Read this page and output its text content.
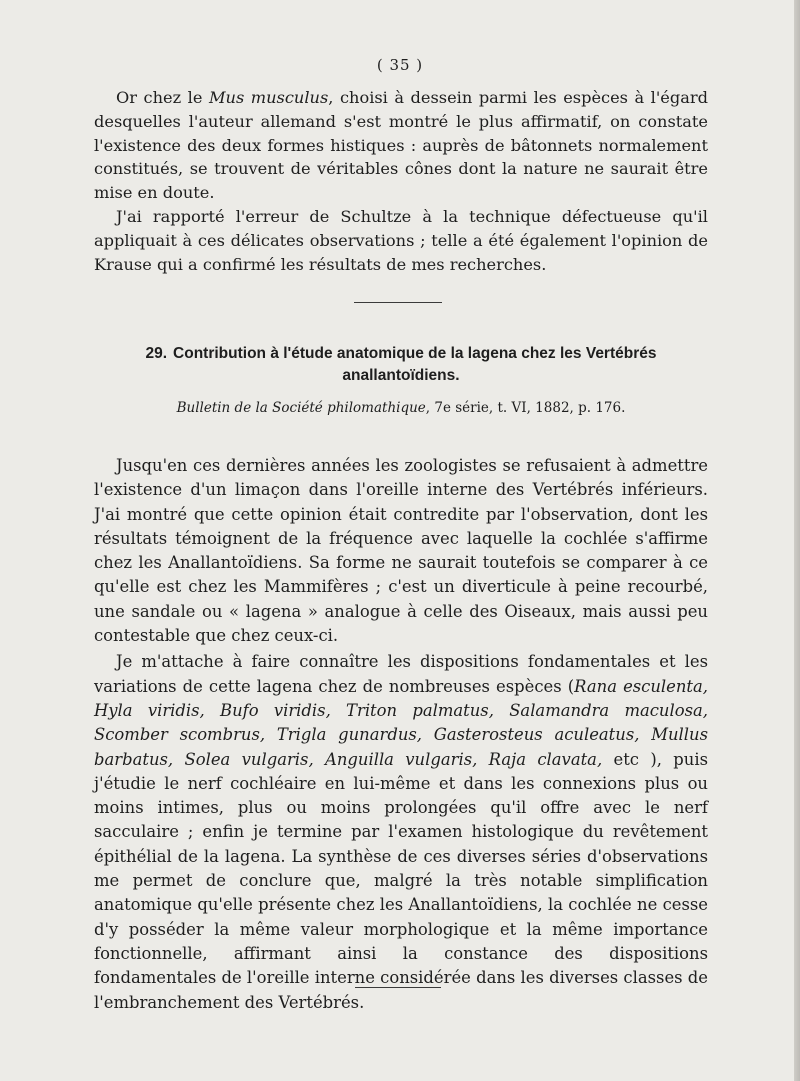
( 35 )

Or chez le Mus musculus, choisi à dessein parmi les espèces à l'égard desquelles l'auteur allemand s'est montré le plus affirmatif, on constate l'existence des deux formes histiques : auprès de bâtonnets normalement constitués, se trouvent de véritables cônes dont la nature ne saurait être mise en doute.

J'ai rapporté l'erreur de Schultze à la technique défectueuse qu'il appliquait à ces délicates observations ; telle a été également l'opinion de Krause qui a confirmé les résultats de mes recherches.

29. Contribution à l'étude anatomique de la lagena chez les Vertébrés anallantoïdiens.

Bulletin de la Société philomathique, 7e série, t. VI, 1882, p. 176.

Jusqu'en ces dernières années les zoologistes se refusaient à admettre l'existence d'un limaçon dans l'oreille interne des Vertébrés inférieurs. J'ai montré que cette opinion était contredite par l'observation, dont les résultats témoignent de la fréquence avec laquelle la cochlée s'affirme chez les Anallantoïdiens. Sa forme ne saurait toutefois se comparer à ce qu'elle est chez les Mammifères ; c'est un diverticule à peine recourbé, une sandale ou « lagena » analogue à celle des Oiseaux, mais aussi peu contestable que chez ceux-ci.

Je m'attache à faire connaître les dispositions fondamentales et les variations de cette lagena chez de nombreuses espèces (Rana esculenta, Hyla viridis, Bufo viridis, Triton palmatus, Salamandra maculosa, Scomber scombrus, Trigla gunardus, Gasterosteus aculeatus, Mullus barbatus, Solea vulgaris, Anguilla vulgaris, Raja clavata, etc ), puis j'étudie le nerf cochléaire en lui-même et dans les connexions plus ou moins intimes, plus ou moins prolongées qu'il offre avec le nerf sacculaire ; enfin je termine par l'examen histologique du revêtement épithélial de la lagena. La synthèse de ces diverses séries d'observations me permet de conclure que, malgré la très notable simplification anatomique qu'elle présente chez les Anallantoïdiens, la cochlée ne cesse d'y posséder la même valeur morphologique et la même importance fonctionnelle, affirmant ainsi la constance des dispositions fondamentales de l'oreille interne considérée dans les diverses classes de l'embranchement des Vertébrés.
